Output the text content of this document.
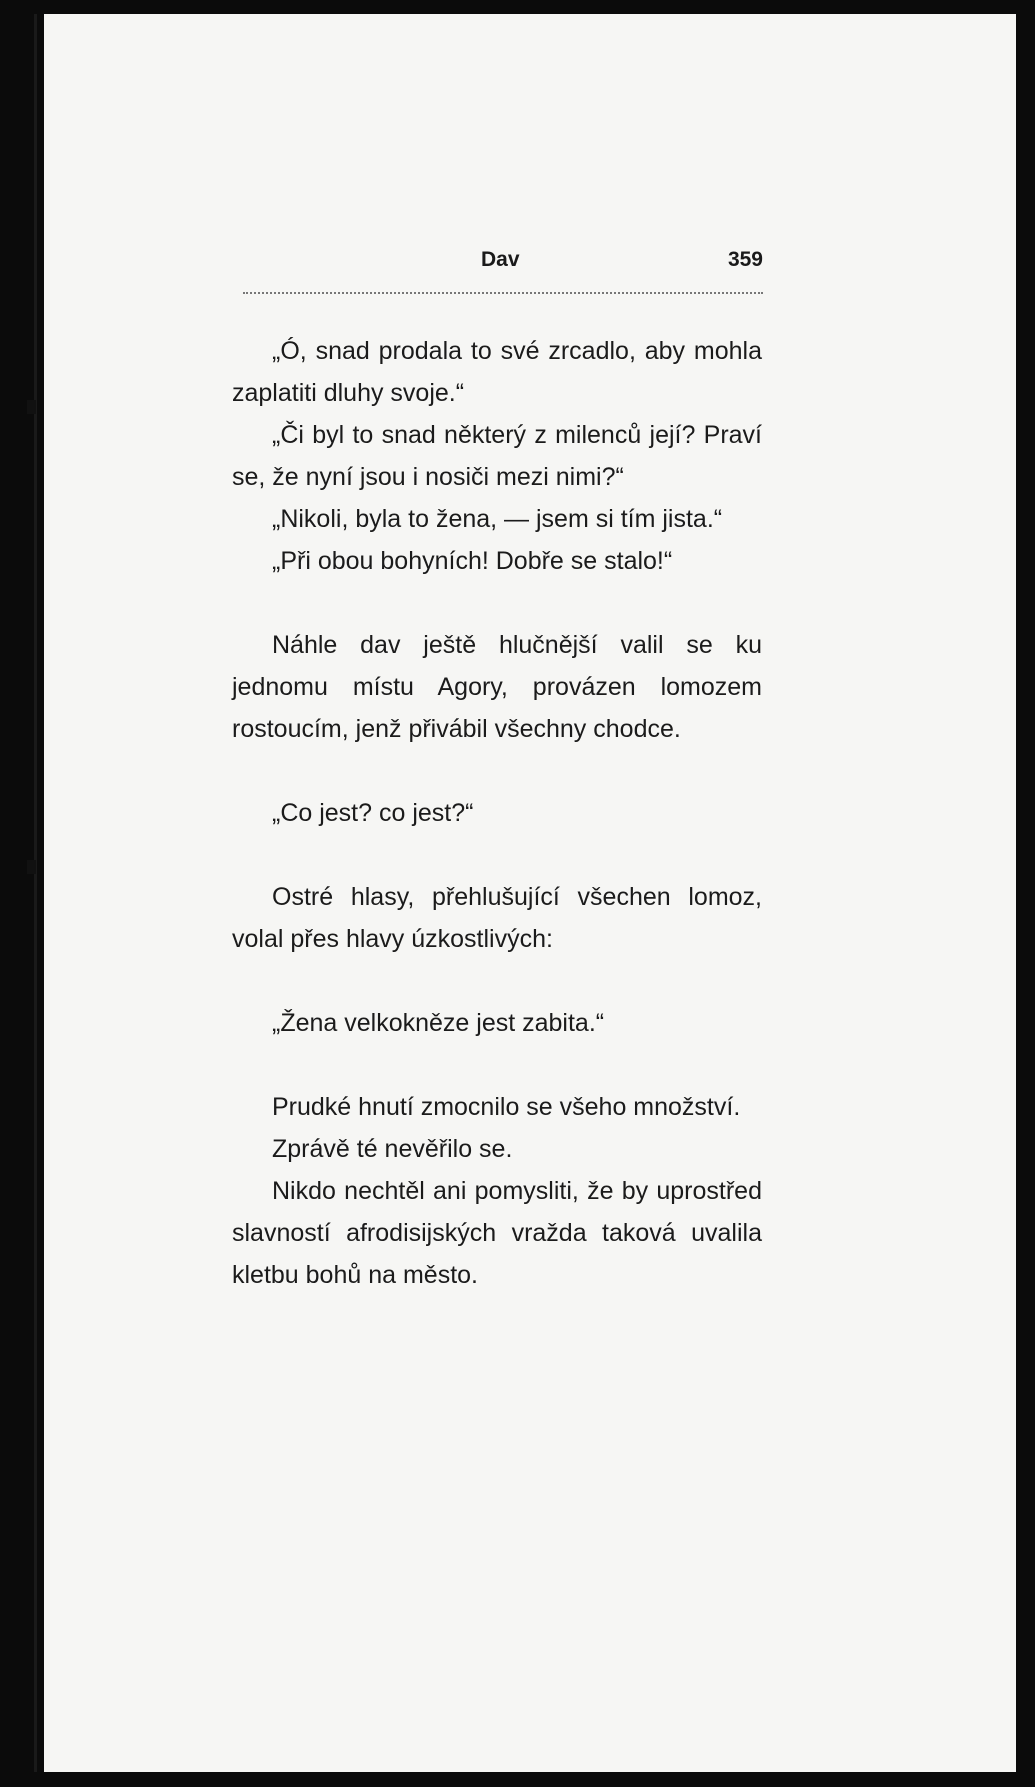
Dav	359

„Ó, snad prodala to své zrcadlo, aby mohla zaplatiti dluhy svoje.“

„Či byl to snad některý z milenců její? Praví se, že nyní jsou i nosiči mezi nimi?“

„Nikoli, byla to žena, — jsem si tím jista.“

„Při obou bohyních! Dobře se stalo!“

Náhle dav ještě hlučnější valil se ku jednomu místu Agory, provázen lomozem rostoucím, jenž přivábil všechny chodce.

„Co jest? co jest?“

Ostré hlasy, přehlušující všechen lomoz, volal přes hlavy úzkostlivých:

„Žena velkokněze jest zabita.“

Prudké hnutí zmocnilo se všeho množství.

Zprávě té nevěřilo se.

Nikdo nechtěl ani pomysliti, že by uprostřed slavností afrodisijských vražda taková uvalila kletbu bohů na město.
